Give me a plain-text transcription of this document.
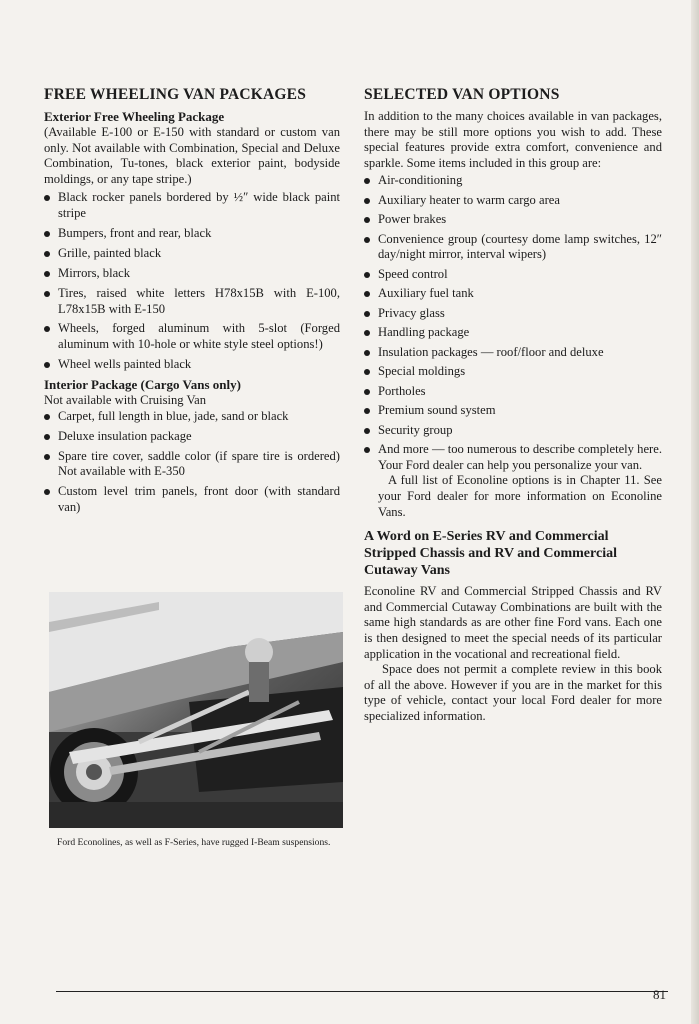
FREE WHEELING VAN PACKAGES
Exterior Free Wheeling Package

(Available E-100 or E-150 with standard or custom van only. Not available with Combination, Special and Deluxe Combination, Tu-tones, black exterior paint, bodyside moldings, or any tape stripe.)

Black rocker panels bordered by ½″ wide black paint stripe
Bumpers, front and rear, black
Grille, painted black
Mirrors, black
Tires, raised white letters H78x15B with E-100, L78x15B with E-150
Wheels, forged aluminum with 5-slot (Forged aluminum with 10-hole or white style steel options!)
Wheel wells painted black
Interior Package (Cargo Vans only)

Not available with Cruising Van

Carpet, full length in blue, jade, sand or black
Deluxe insulation package
Spare tire cover, saddle color (if spare tire is ordered) Not available with E-350
Custom level trim panels, front door (with standard van)
Ford Econolines, as well as F-Series, have rugged I-Beam suspensions.
SELECTED VAN OPTIONS

In addition to the many choices available in van packages, there may be still more options you wish to add. These special features provide extra comfort, convenience and sparkle. Some items included in this group are:

Air-conditioning
Auxiliary heater to warm cargo area
Power brakes
Convenience group (courtesy dome lamp switches, 12″ day/night mirror, interval wipers)
Speed control
Auxiliary fuel tank
Privacy glass
Handling package
Insulation packages — roof/floor and deluxe
Special moldings
Portholes
Premium sound system
Security group
And more — too numerous to describe completely here. Your Ford dealer can help you personalize your van.

A full list of Econoline options is in Chapter 11. See your Ford dealer for more information on Econoline Vans.

A Word on E-Series RV and Commercial Stripped Chassis and RV and Commercial Cutaway Vans

Econoline RV and Commercial Stripped Chassis and RV and Commercial Cutaway Combinations are built with the same high standards as are other fine Ford vans. Each one is then designed to meet the special needs of its particular application in the vocational and recreational field.

Space does not permit a complete review in this book of all the above. However if you are in the market for this type of vehicle, contact your local Ford dealer for more specialized information.

81
